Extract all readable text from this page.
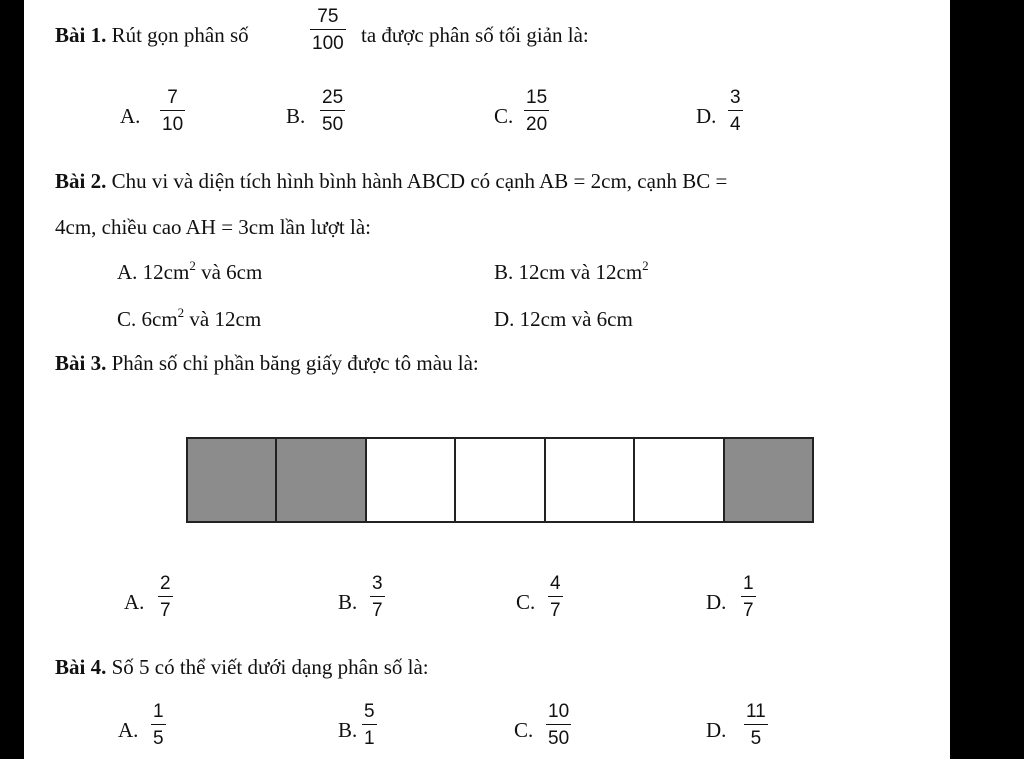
Bài 1. Rút gọn phân số
75
100 ta được phân số tối giản là:
A.
7
10	B.
25
50	C.
15
20	D.
3
4
Bài 2. Chu vi và diện tích hình bình hành ABCD có cạnh AB = 2cm, cạnh BC =
4cm, chiều cao AH = 3cm lần lượt là:
A. $12cm^2$ và 6cm	B. 12cm và $12cm^2$
C. $6cm^2$ và 12cm	D. 12cm và 6cm
Bài 3. Phân số chỉ phần băng giấy được tô màu là:
A.
2
7	B.
3
7	C.
4
7	D.
1
7
Bài 4. Số 5 có thể viết dưới dạng phân số là:
A.
1
5	B.
5
1	C.
10
50	D.
11
5
